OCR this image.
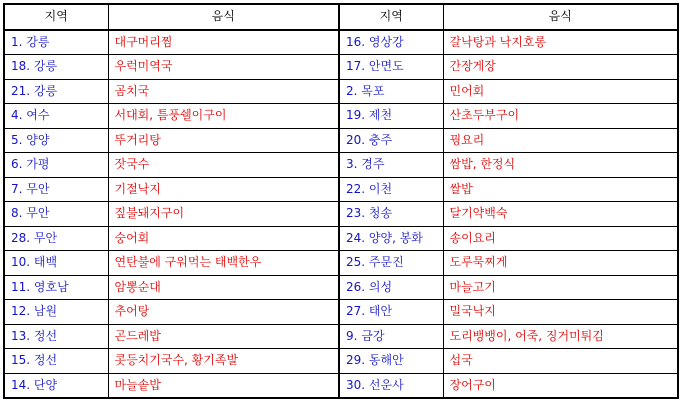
지역	음식	지역	음식
1. 강릉	대구머리찜	16. 영상강	갈낙탕과 낙지호롱
18. 강릉	우럭미역국	17. 안면도	간장게장
21. 강릉	곰치국	2. 목포	민어회
4. 여수	서대회, 틈풍쉘이구이	19. 제천	산초두부구이
5. 양양	뚜거리탕	20. 충주	꿩요리
6. 가평	잣국수	3. 경주	쌈밥, 한정식
7. 무안	기절낙지	22. 이천	쌀밥
8. 무안	짚불돼지구이	23. 청송	달기약백숙
28. 무안	숭어회	24. 양양, 봉화	송이요리
10. 태백	연탄불에 구워먹는 태백한우	25. 주문진	도루묵찌게
11. 영호남	암뽕순대	26. 의성	마늘고기
12. 남원	추어탕	27. 태안	밀국낙지
13. 정선	곤드레밥	9. 금강	도리뱅뱅이, 어죽, 징거미튀김
15. 정선	콧등치기국수, 황기족발	29. 동해안	섭국
14. 단양	마늘솥밥	30. 선운사	장어구이
